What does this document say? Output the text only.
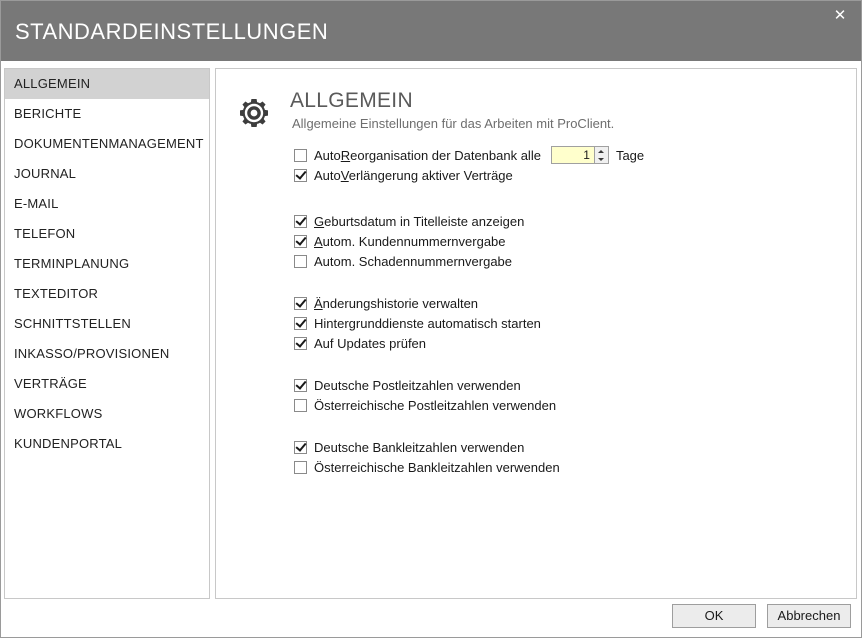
STANDARDEINSTELLUNGEN
✕
ALLGEMEIN
BERICHTE
DOKUMENTENMANAGEMENT
JOURNAL
E-MAIL
TELEFON
TERMINPLANUNG
TEXTEDITOR
SCHNITTSTELLEN
INKASSO/PROVISIONEN
VERTRÄGE
WORKFLOWS
KUNDENPORTAL
ALLGEMEIN
Allgemeine Einstellungen für das Arbeiten mit ProClient.
AutoReorganisation der Datenbank alle
1	Tage
AutoVerlängerung aktiver Verträge
Geburtsdatum in Titelleiste anzeigen
Autom. Kundennummernvergabe
Autom. Schadennummernvergabe
Änderungshistorie verwalten
Hintergrunddienste automatisch starten
Auf Updates prüfen
Deutsche Postleitzahlen verwenden
Österreichische Postleitzahlen verwenden
Deutsche Bankleitzahlen verwenden
Österreichische Bankleitzahlen verwenden
OK	Abbrechen
